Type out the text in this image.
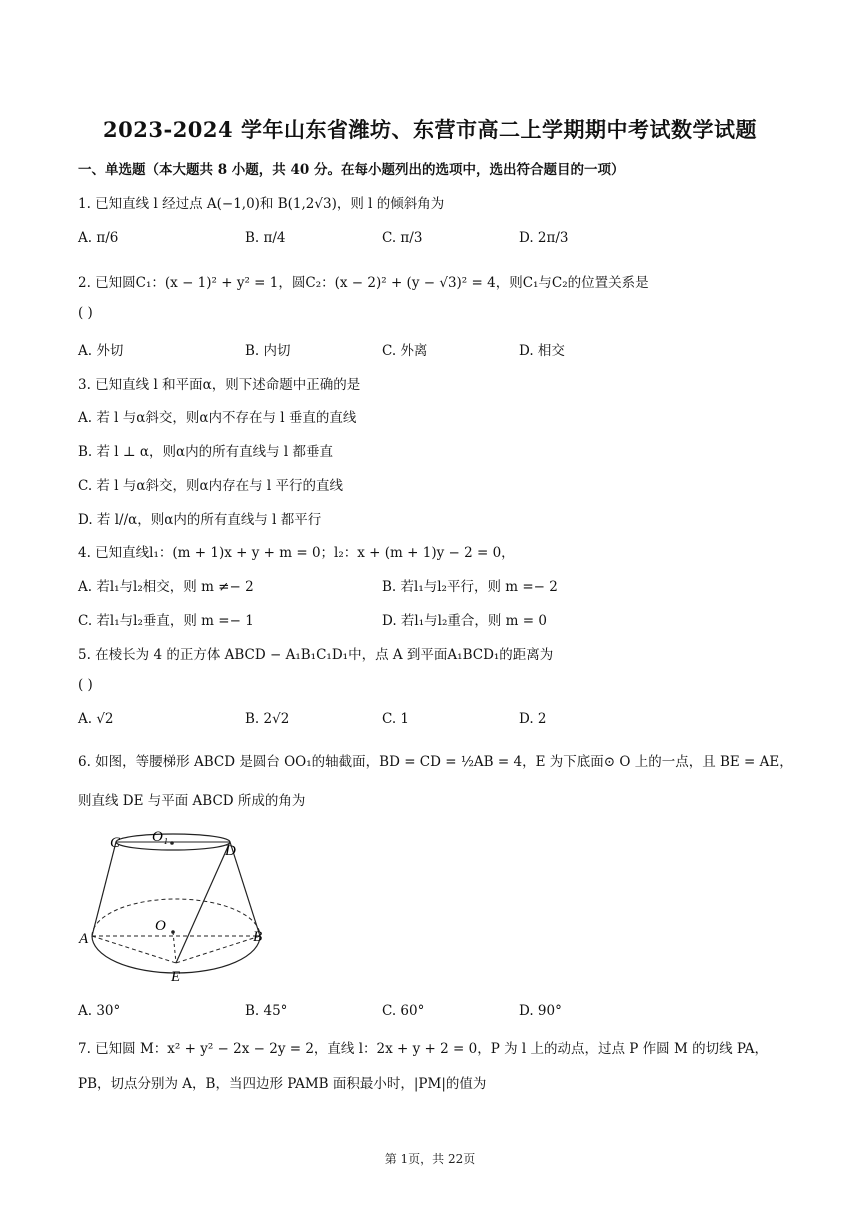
2023-2024 学年山东省潍坊、东营市高二上学期期中考试数学试题
一、单选题（本大题共 8 小题，共 40 分。在每小题列出的选项中，选出符合题目的一项）
1. 已知直线 l 经过点 A(−1,0)和 B(1,2√3)，则 l 的倾斜角为
A. π/6	B. π/4	C. π/3	D. 2π/3
2. 已知圆C₁：(x − 1)² + y² = 1，圆C₂：(x − 2)² + (y − √3)² = 4，则C₁与C₂的位置关系是
( )
A. 外切	B. 内切	C. 外离	D. 相交
3. 已知直线 l 和平面α，则下述命题中正确的是
A. 若 l 与α斜交，则α内不存在与 l 垂直的直线
B. 若 l ⊥ α，则α内的所有直线与 l 都垂直
C. 若 l 与α斜交，则α内存在与 l 平行的直线
D. 若 l//α，则α内的所有直线与 l 都平行
4. 已知直线l₁：(m + 1)x + y + m = 0；l₂：x + (m + 1)y − 2 = 0，
A. 若l₁与l₂相交，则 m ≠− 2	B. 若l₁与l₂平行，则 m =− 2
C. 若l₁与l₂垂直，则 m =− 1	D. 若l₁与l₂重合，则 m = 0
5. 在棱长为 4 的正方体 ABCD − A₁B₁C₁D₁中，点 A 到平面A₁BCD₁的距离为
( )
A. √2	B. 2√2	C. 1	D. 2
6. 如图，等腰梯形 ABCD 是圆台 OO₁的轴截面，BD = CD = ½AB = 4，E 为下底面⊙ O 上的一点，且 BE = AE，
则直线 DE 与平面 ABCD 所成的角为
C O₁
D
A
O
B
E
A. 30°	B. 45°	C. 60°	D. 90°
7. 已知圆 M：x² + y² − 2x − 2y = 2，直线 l：2x + y + 2 = 0，P 为 l 上的动点，过点 P 作圆 M 的切线 PA，
PB，切点分别为 A，B，当四边形 PAMB 面积最小时，|PM|的值为
第 1页，共 22页
